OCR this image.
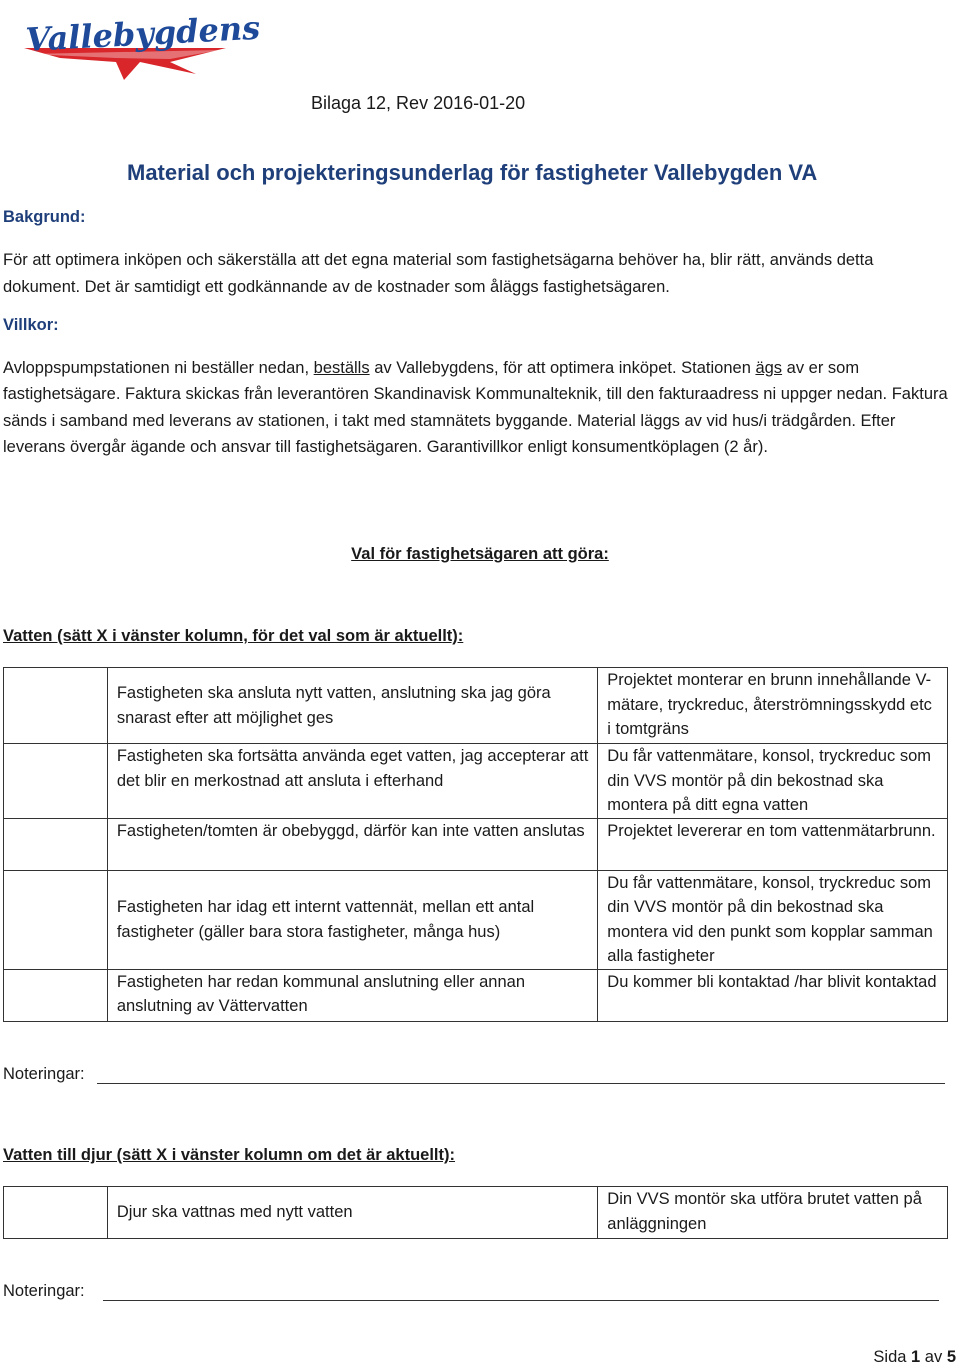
Vallebygdens
Bilaga 12, Rev 2016-01-20
Material och projekteringsunderlag för fastigheter Vallebygden VA
Bakgrund:
För att optimera inköpen och säkerställa att det egna material som fastighetsägarna behöver ha, blir rätt, används detta dokument. Det är samtidigt ett godkännande av de kostnader som åläggs fastighetsägaren.
Villkor:
Avloppspumpstationen ni beställer nedan, beställs av Vallebygdens, för att optimera inköpet. Stationen ägs av er som fastighetsägare. Faktura skickas från leverantören Skandinavisk Kommunalteknik, till den fakturaadress ni uppger nedan. Faktura sänds i samband med leverans av stationen, i takt med stamnätets byggande. Material läggs av vid hus/i trädgården. Efter leverans övergår ägande och ansvar till fastighetsägaren. Garantivillkor enligt konsumentköplagen (2 år).
Val för fastighetsägaren att göra:
Vatten (sätt X i vänster kolumn, för det val som är aktuellt):
	Fastigheten ska ansluta nytt vatten, anslutning ska jag göra snarast efter att möjlighet ges	Projektet monterar en brunn innehållande V-mätare, tryckreduc, återströmningsskydd etc i tomtgräns
	Fastigheten ska fortsätta använda eget vatten, jag accepterar att det blir en merkostnad att ansluta i efterhand	Du får vattenmätare, konsol, tryckreduc som din VVS montör på din bekostnad ska montera på ditt egna vatten
	Fastigheten/tomten är obebyggd, därför kan inte vatten anslutas	Projektet levererar en tom vattenmätarbrunn.
	Fastigheten har idag ett internt vattennät, mellan ett antal fastigheter (gäller bara stora fastigheter, många hus)	Du får vattenmätare, konsol, tryckreduc som din VVS montör på din bekostnad ska montera vid den punkt som kopplar samman alla fastigheter
	Fastigheten har redan kommunal anslutning eller annan anslutning av Vättervatten	Du kommer bli kontaktad /har blivit kontaktad
Noteringar:
Vatten till djur (sätt X i vänster kolumn om det är aktuellt):
	Djur ska vattnas med nytt vatten	Din VVS montör ska utföra brutet vatten på anläggningen
Noteringar:
Sida 1 av 5
